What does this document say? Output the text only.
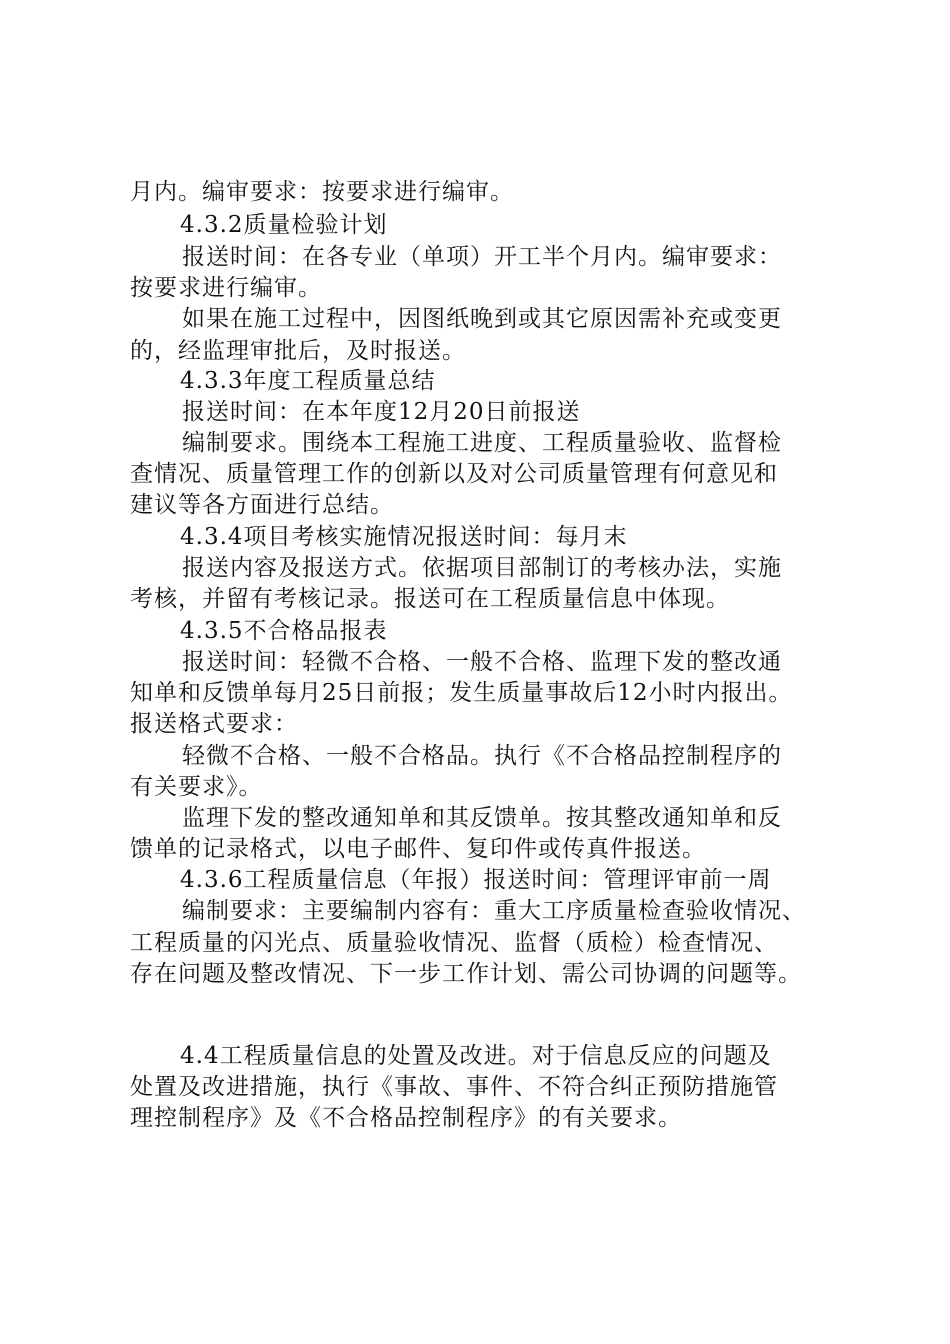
月内。编审要求：按要求进行编审。
4.3.2质量检验计划
报送时间：在各专业（单项）开工半个月内。编审要求：
按要求进行编审。
如果在施工过程中，因图纸晚到或其它原因需补充或变更
的，经监理审批后，及时报送。
4.3.3年度工程质量总结
报送时间：在本年度12月20日前报送
编制要求。围绕本工程施工进度、工程质量验收、监督检
查情况、质量管理工作的创新以及对公司质量管理有何意见和
建议等各方面进行总结。
4.3.4项目考核实施情况报送时间：每月末
报送内容及报送方式。依据项目部制订的考核办法，实施
考核，并留有考核记录。报送可在工程质量信息中体现。
4.3.5不合格品报表
报送时间：轻微不合格、一般不合格、监理下发的整改通
知单和反馈单每月25日前报；发生质量事故后12小时内报出。
报送格式要求：
轻微不合格、一般不合格品。执行《不合格品控制程序的
有关要求》。
监理下发的整改通知单和其反馈单。按其整改通知单和反
馈单的记录格式，以电子邮件、复印件或传真件报送。
4.3.6工程质量信息（年报）报送时间：管理评审前一周
编制要求：主要编制内容有：重大工序质量检查验收情况、
工程质量的闪光点、质量验收情况、监督（质检）检查情况、
存在问题及整改情况、下一步工作计划、需公司协调的问题等。
4.4工程质量信息的处置及改进。对于信息反应的问题及
处置及改进措施，执行《事故、事件、不符合纠正预防措施管
理控制程序》及《不合格品控制程序》的有关要求。
